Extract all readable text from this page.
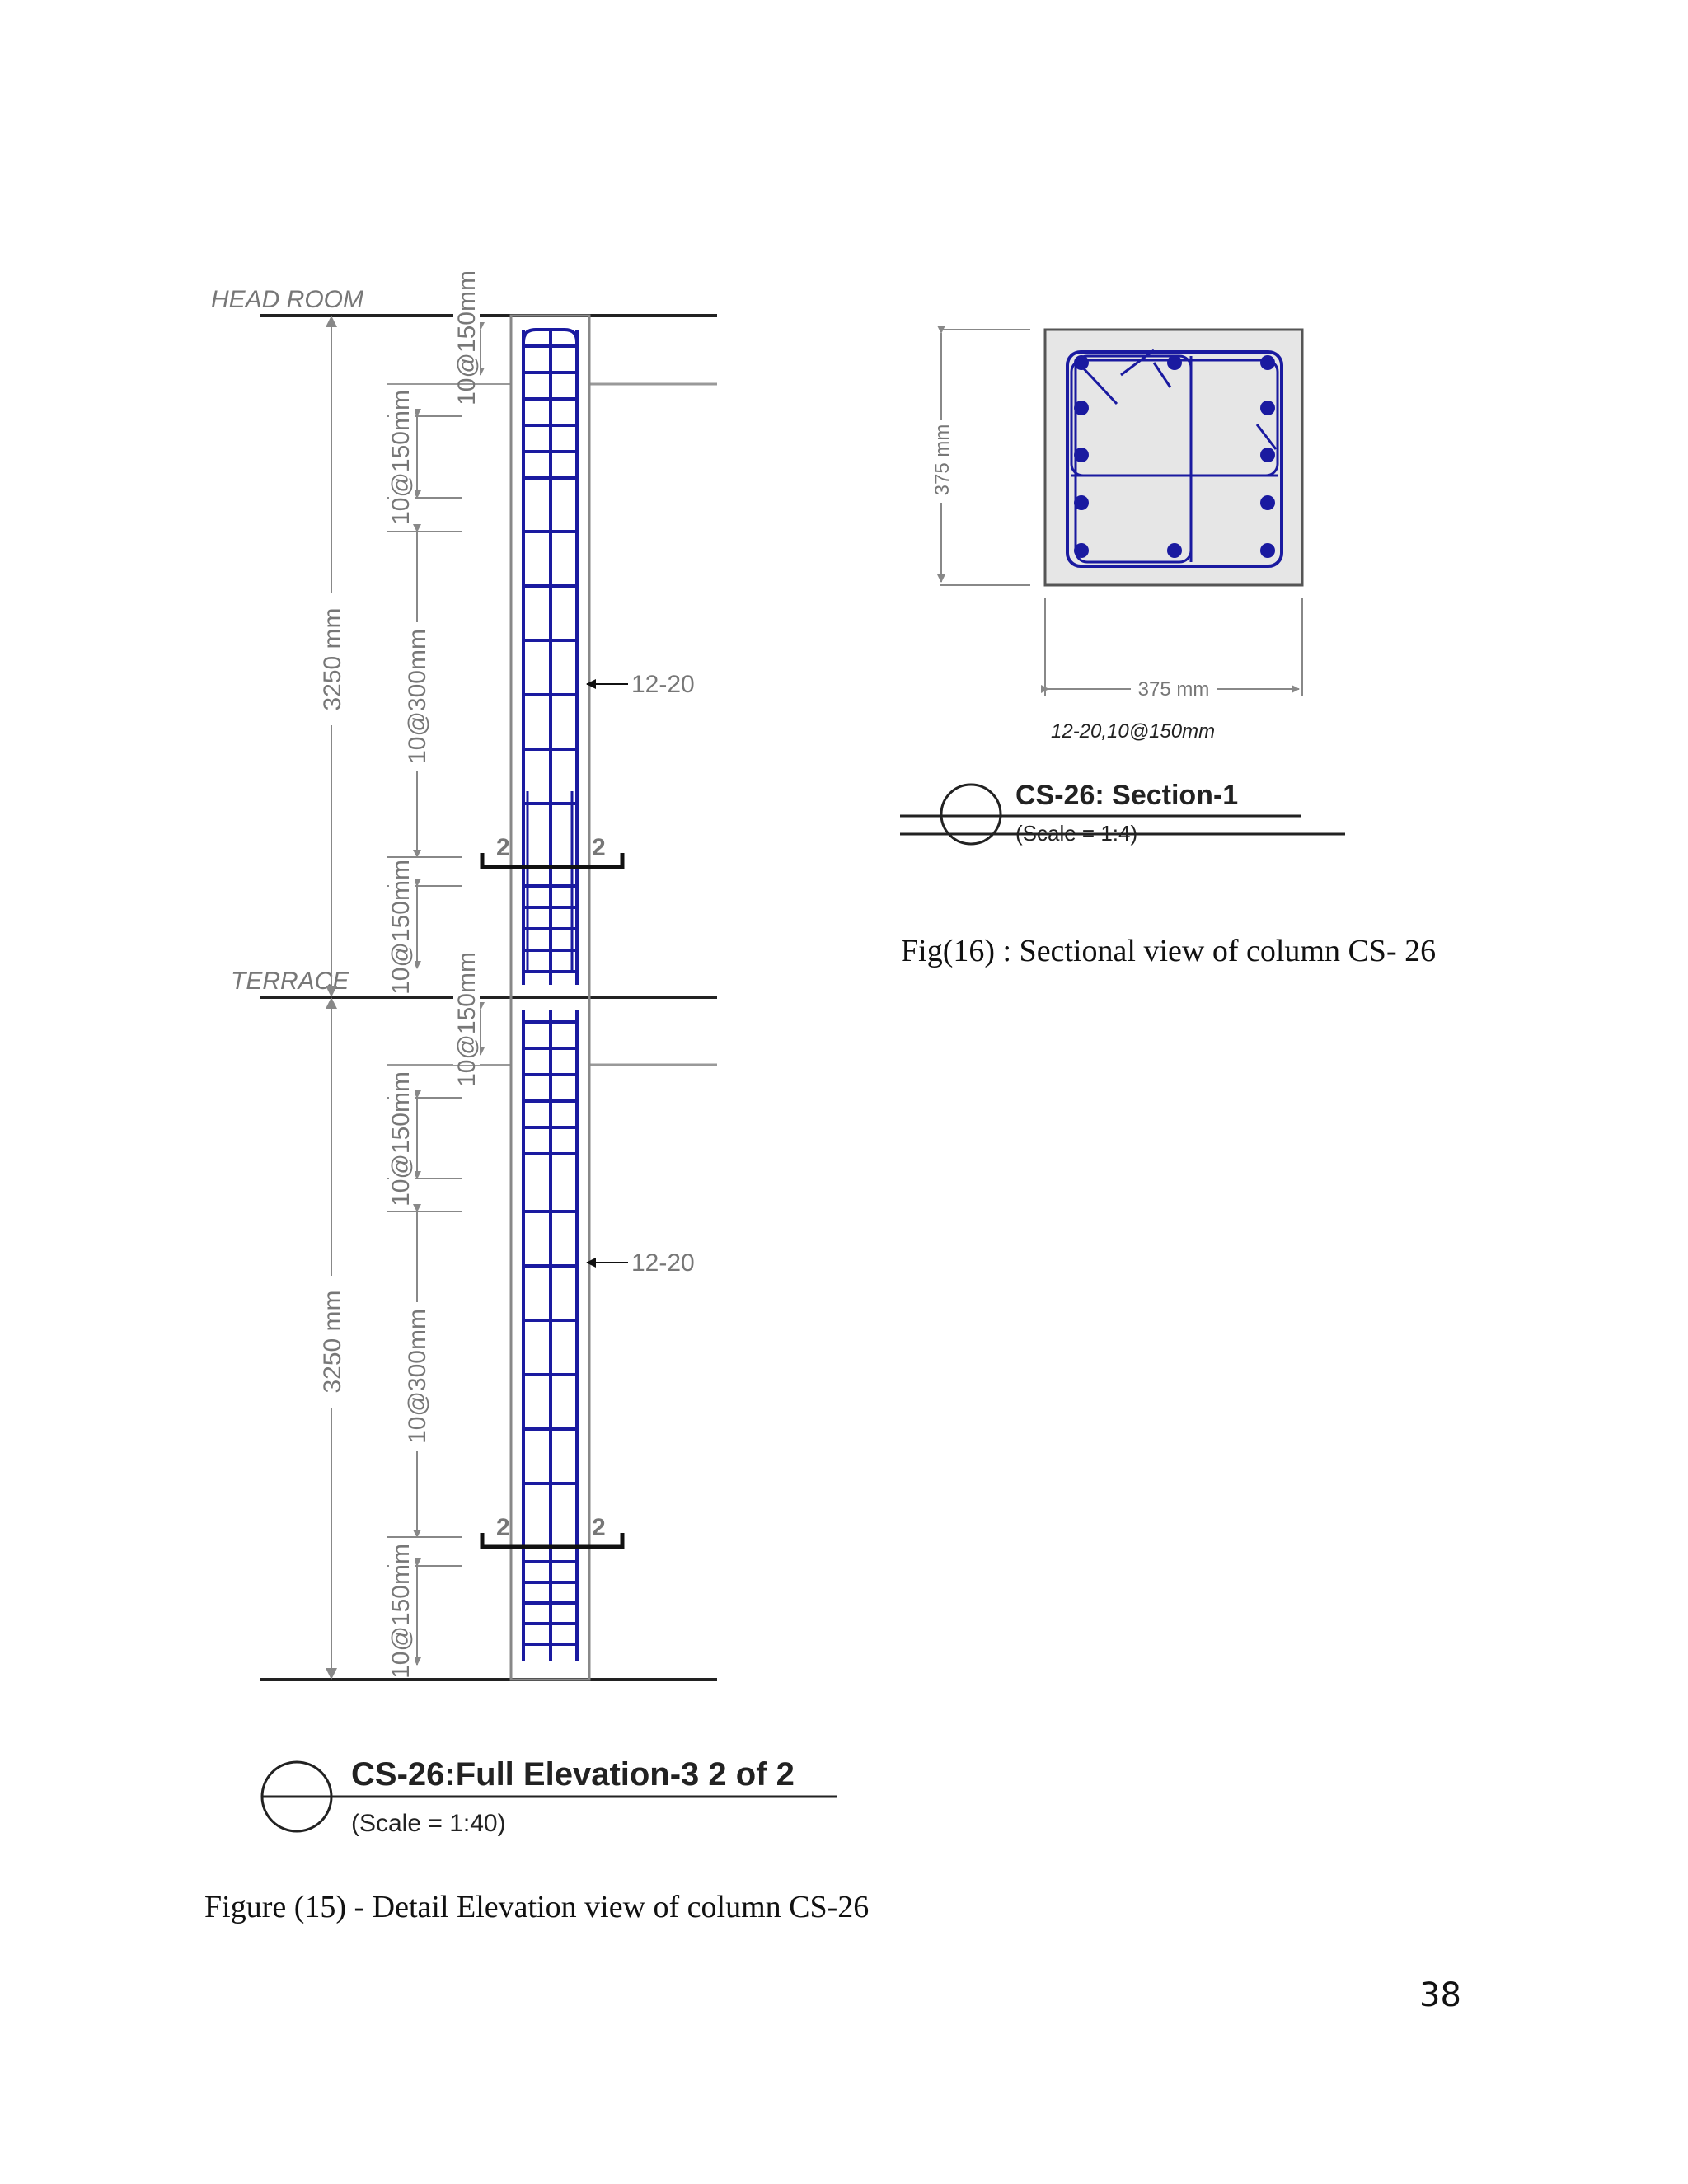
HEAD ROOM
TERRACE
3250 mm
3250 mm
10@150mm
10@150mm
10@300mm
10@150mm
10@150mm
10@150mm
10@300mm
10@150mm
12-20
12-20
2	2
2	2
CS-26:Full Elevation-3 2 of 2
(Scale = 1:40)
375 mm
375 mm
12-20,10@150mm
CS-26: Section-1
(Scale = 1:4)
Fig(16) : Sectional view of column CS- 26
Figure (15) - Detail Elevation view of column CS-26
38
